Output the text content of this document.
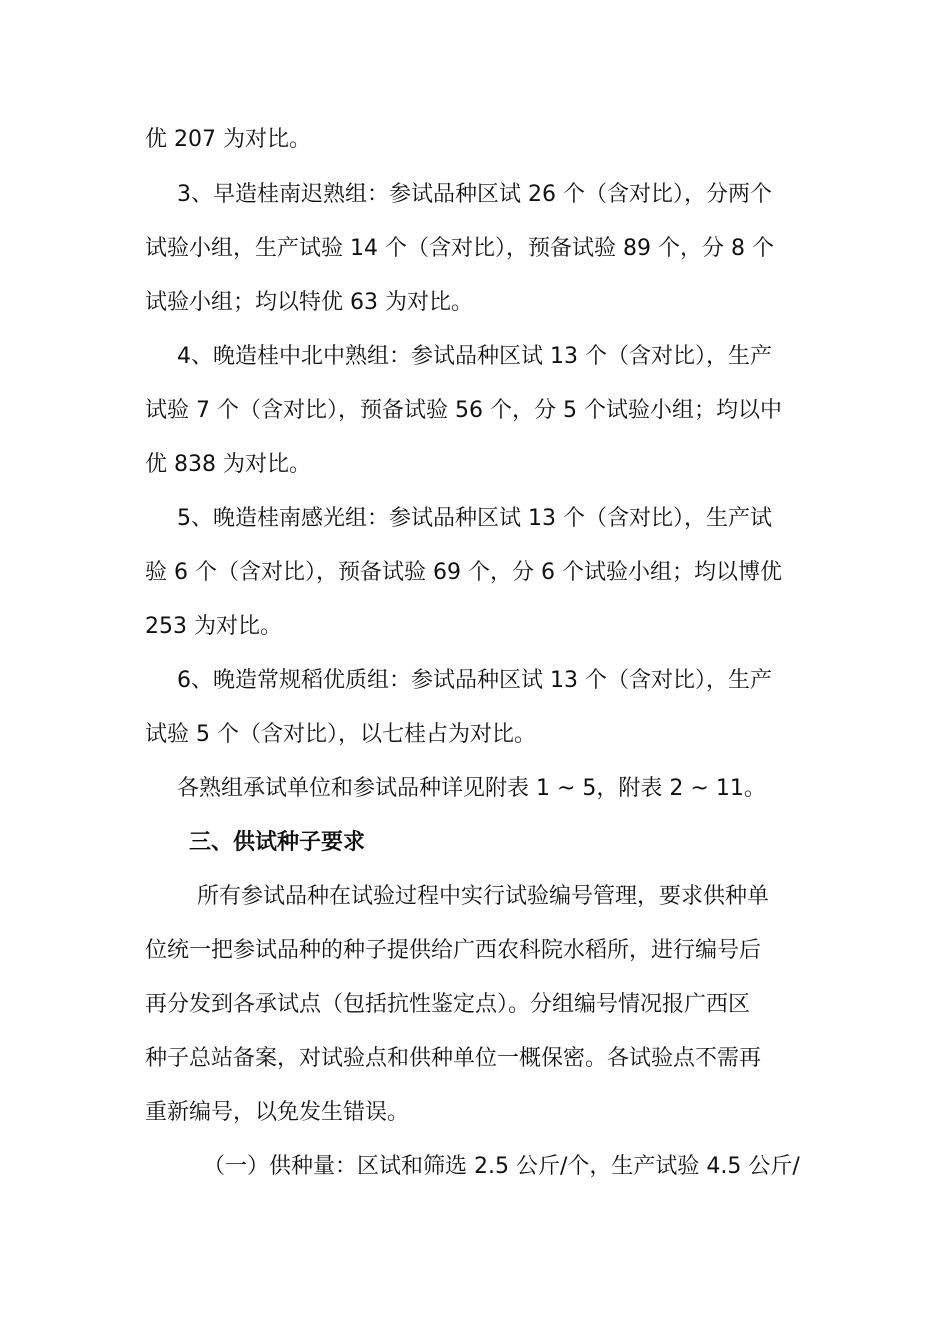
优 207 为对比。
3、早造桂南迟熟组：参试品种区试 26 个（含对比），分两个
试验小组，生产试验 14 个（含对比），预备试验 89 个，分 8 个
试验小组；均以特优 63 为对比。
4、晚造桂中北中熟组：参试品种区试 13 个（含对比），生产
试验 7 个（含对比），预备试验 56 个，分 5 个试验小组；均以中
优 838 为对比。
5、晚造桂南感光组：参试品种区试 13 个（含对比），生产试
验 6 个（含对比），预备试验 69 个，分 6 个试验小组；均以博优
253 为对比。
6、晚造常规稻优质组：参试品种区试 13 个（含对比），生产
试验 5 个（含对比），以七桂占为对比。
各熟组承试单位和参试品种详见附表 1 ~ 5，附表 2 ~ 11。
三、供试种子要求
所有参试品种在试验过程中实行试验编号管理，要求供种单
位统一把参试品种的种子提供给广西农科院水稻所，进行编号后
再分发到各承试点（包括抗性鉴定点）。分组编号情况报广西区
种子总站备案，对试验点和供种单位一概保密。各试验点不需再
重新编号，以免发生错误。
（一）供种量：区试和筛选 2.5 公斤/个，生产试验 4.5 公斤/
